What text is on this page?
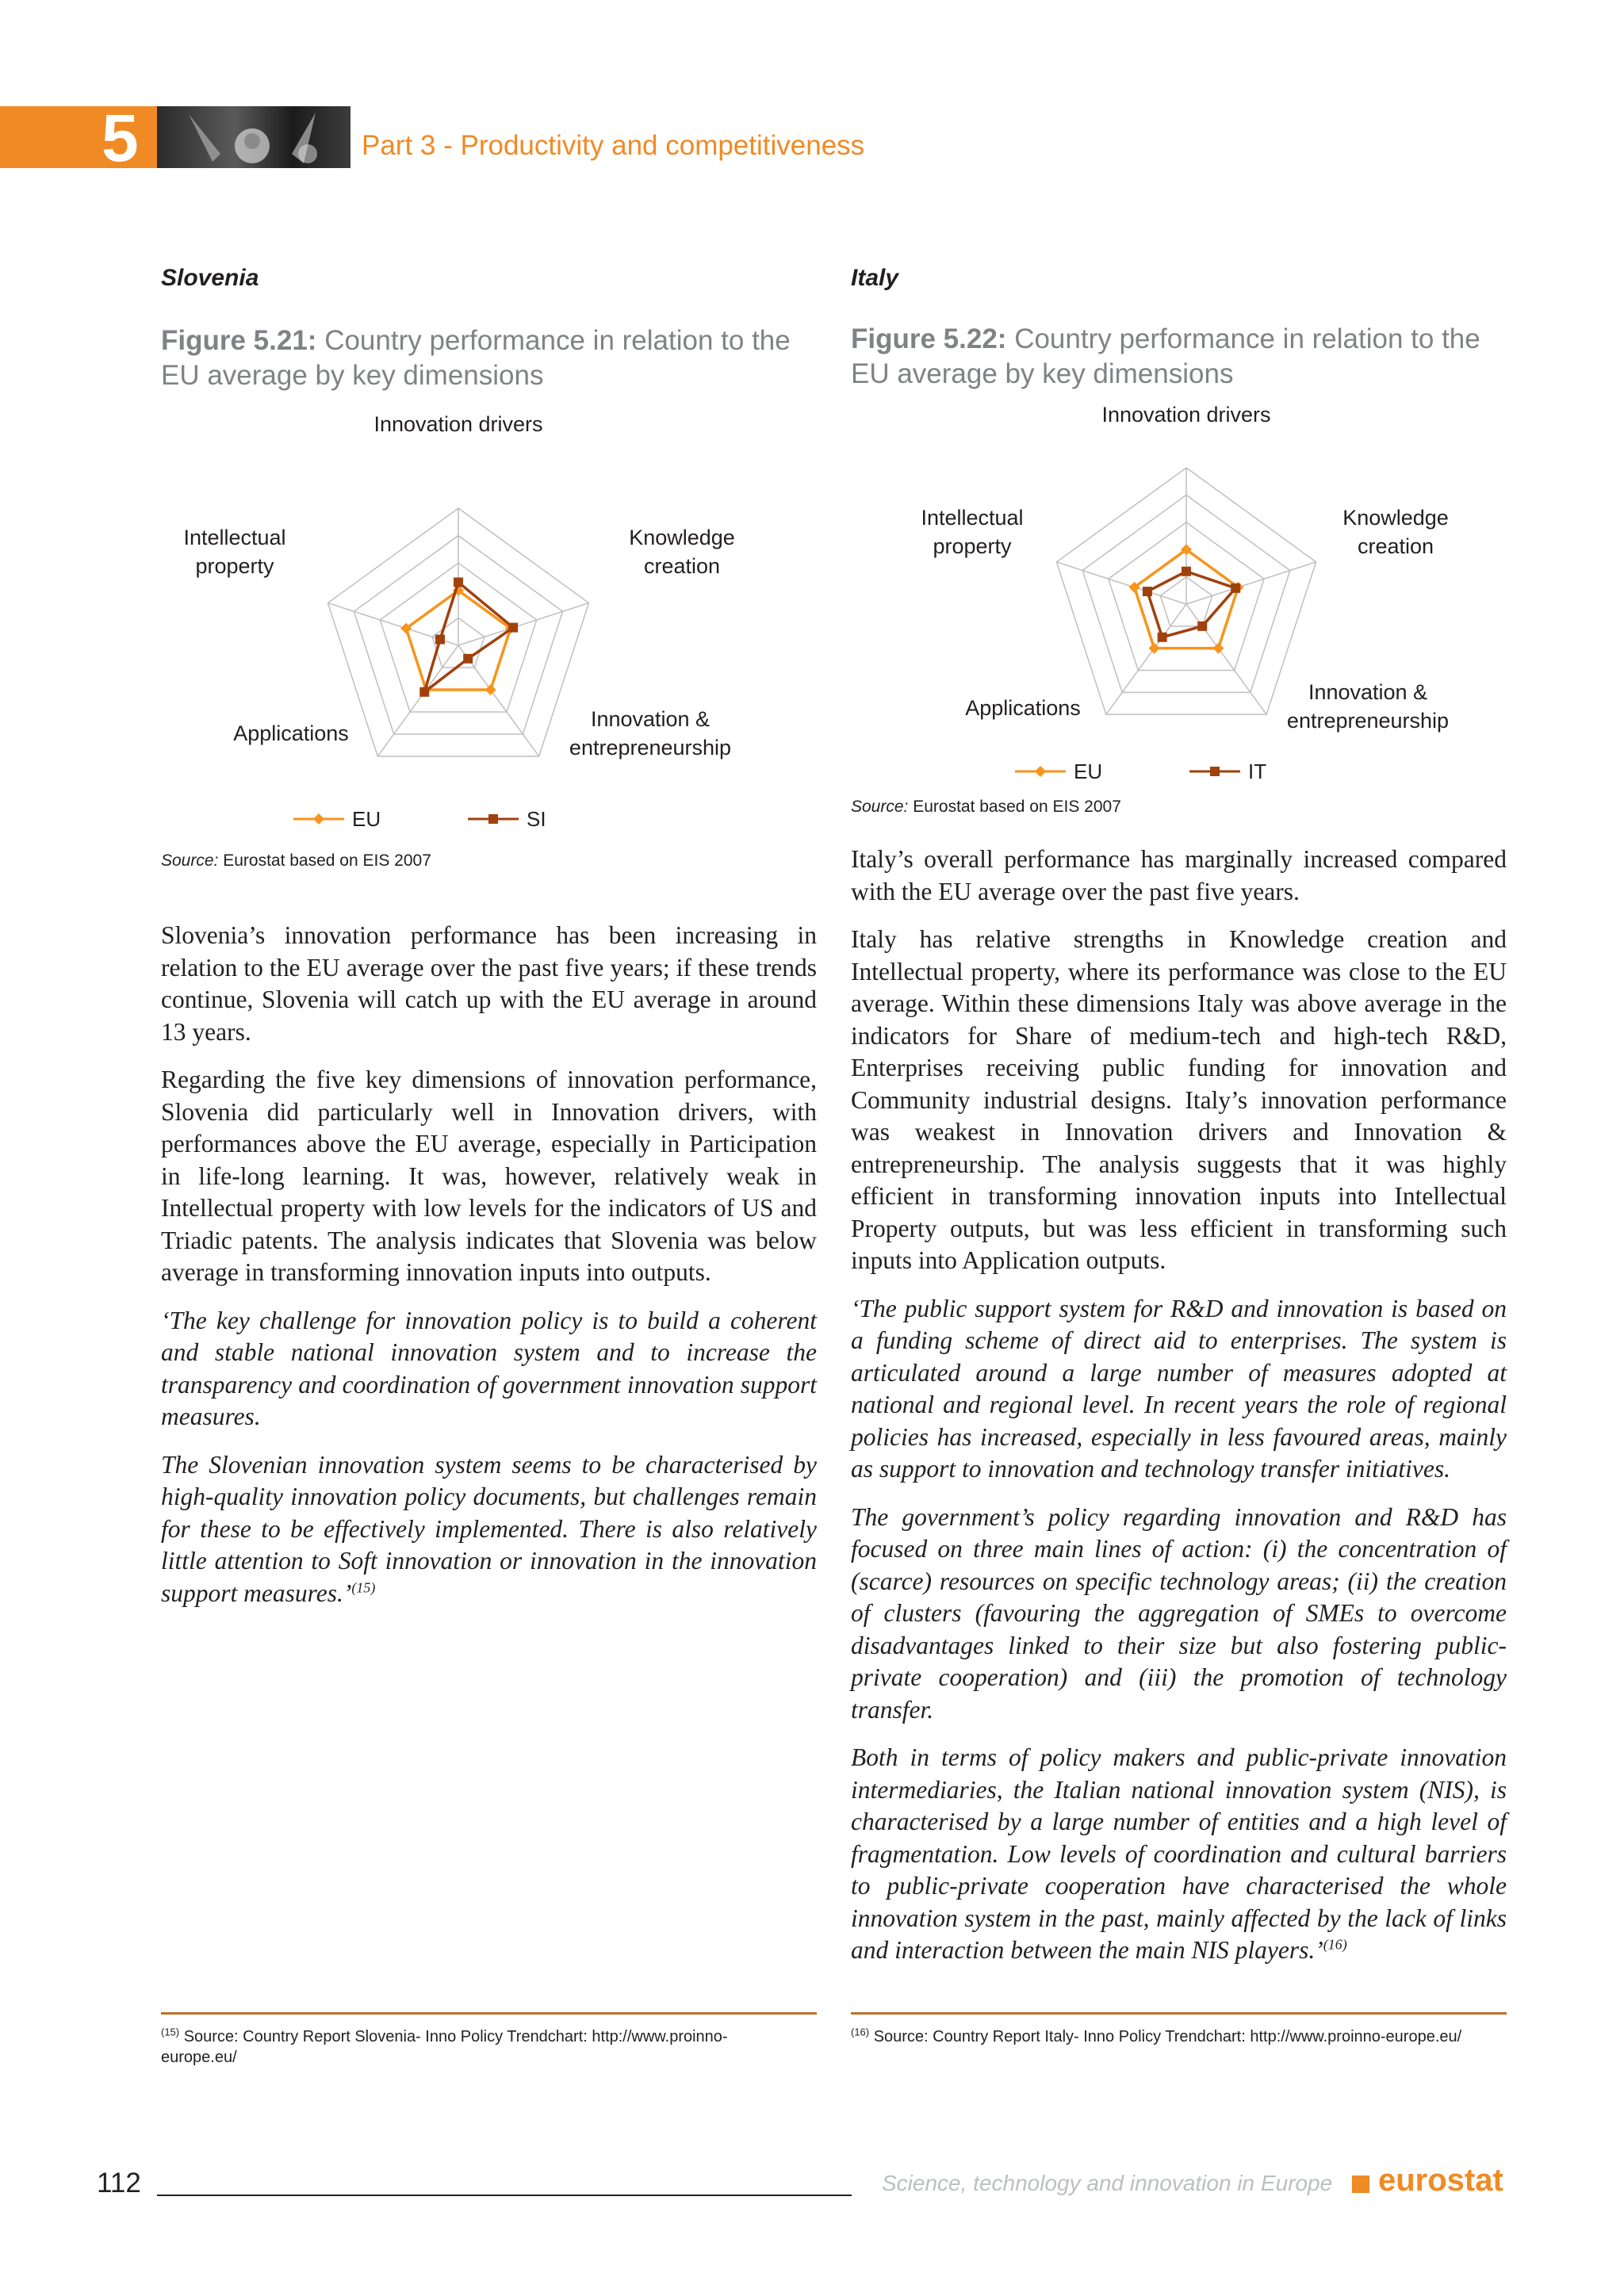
5	Part 3 - Productivity and competitiveness
Slovenia
Figure 5.21: Country performance in relation to the EU average by key dimensions
Innovation drivers
Knowledge creation
Innovation & entrepreneurship
Applications
Intellectual property
EU	SI
Source: Eurostat based on EIS 2007

Slovenia’s innovation performance has been increasing in relation to the EU average over the past five years; if these trends continue, Slovenia will catch up with the EU average in around 13 years.

Regarding the five key dimensions of innovation performance, Slovenia did particularly well in Innovation drivers, with performances above the EU average, especially in Participation in life-long learning. It was, however, relatively weak in Intellectual property with low levels for the indicators of US and Triadic patents. The analysis indicates that Slovenia was below average in transforming innovation inputs into outputs.

‘The key challenge for innovation policy is to build a coherent and stable national innovation system and to increase the transparency and coordination of government innovation support measures.

The Slovenian innovation system seems to be characterised by high-quality innovation policy documents, but challenges remain for these to be effectively implemented. There is also relatively little attention to Soft innovation or innovation in the innovation support measures.’$^{(15)}$

$^{(15)}$ Source: Country Report Slovenia- Inno Policy Trendchart: http://www.proinno-europe.eu/
Italy
Figure 5.22: Country performance in relation to the EU average by key dimensions
Innovation drivers
Knowledge creation
Innovation & entrepreneurship
Applications
Intellectual property
EU	IT
Source: Eurostat based on EIS 2007

Italy’s overall performance has marginally increased compared with the EU average over the past five years.

Italy has relative strengths in Knowledge creation and Intellectual property, where its performance was close to the EU average. Within these dimensions Italy was above average in the indicators for Share of medium-tech and high-tech R&D, Enterprises receiving public funding for innovation and Community industrial designs. Italy’s innovation performance was weakest in Innovation drivers and Innovation & entrepreneurship. The analysis suggests that it was highly efficient in transforming innovation inputs into Intellectual Property outputs, but was less efficient in transforming such inputs into Application outputs.

‘The public support system for R&D and innovation is based on a funding scheme of direct aid to enterprises. The system is articulated around a large number of measures adopted at national and regional level. In recent years the role of regional policies has increased, especially in less favoured areas, mainly as support to innovation and technology transfer initiatives.

The government’s policy regarding innovation and R&D has focused on three main lines of action: (i) the concentration of (scarce) resources on specific technology areas; (ii) the creation of clusters (favouring the aggregation of SMEs to overcome disadvantages linked to their size but also fostering public-private cooperation) and (iii) the promotion of technology transfer.

Both in terms of policy makers and public-private innovation intermediaries, the Italian national innovation system (NIS), is characterised by a large number of entities and a high level of fragmentation. Low levels of coordination and cultural barriers to public-private cooperation have characterised the whole innovation system in the past, mainly affected by the lack of links and interaction between the main NIS players.’$^{(16)}$

$^{(16)}$ Source: Country Report Italy- Inno Policy Trendchart: http://www.proinno-europe.eu/
112	Science, technology and innovation in Europe eurostat
